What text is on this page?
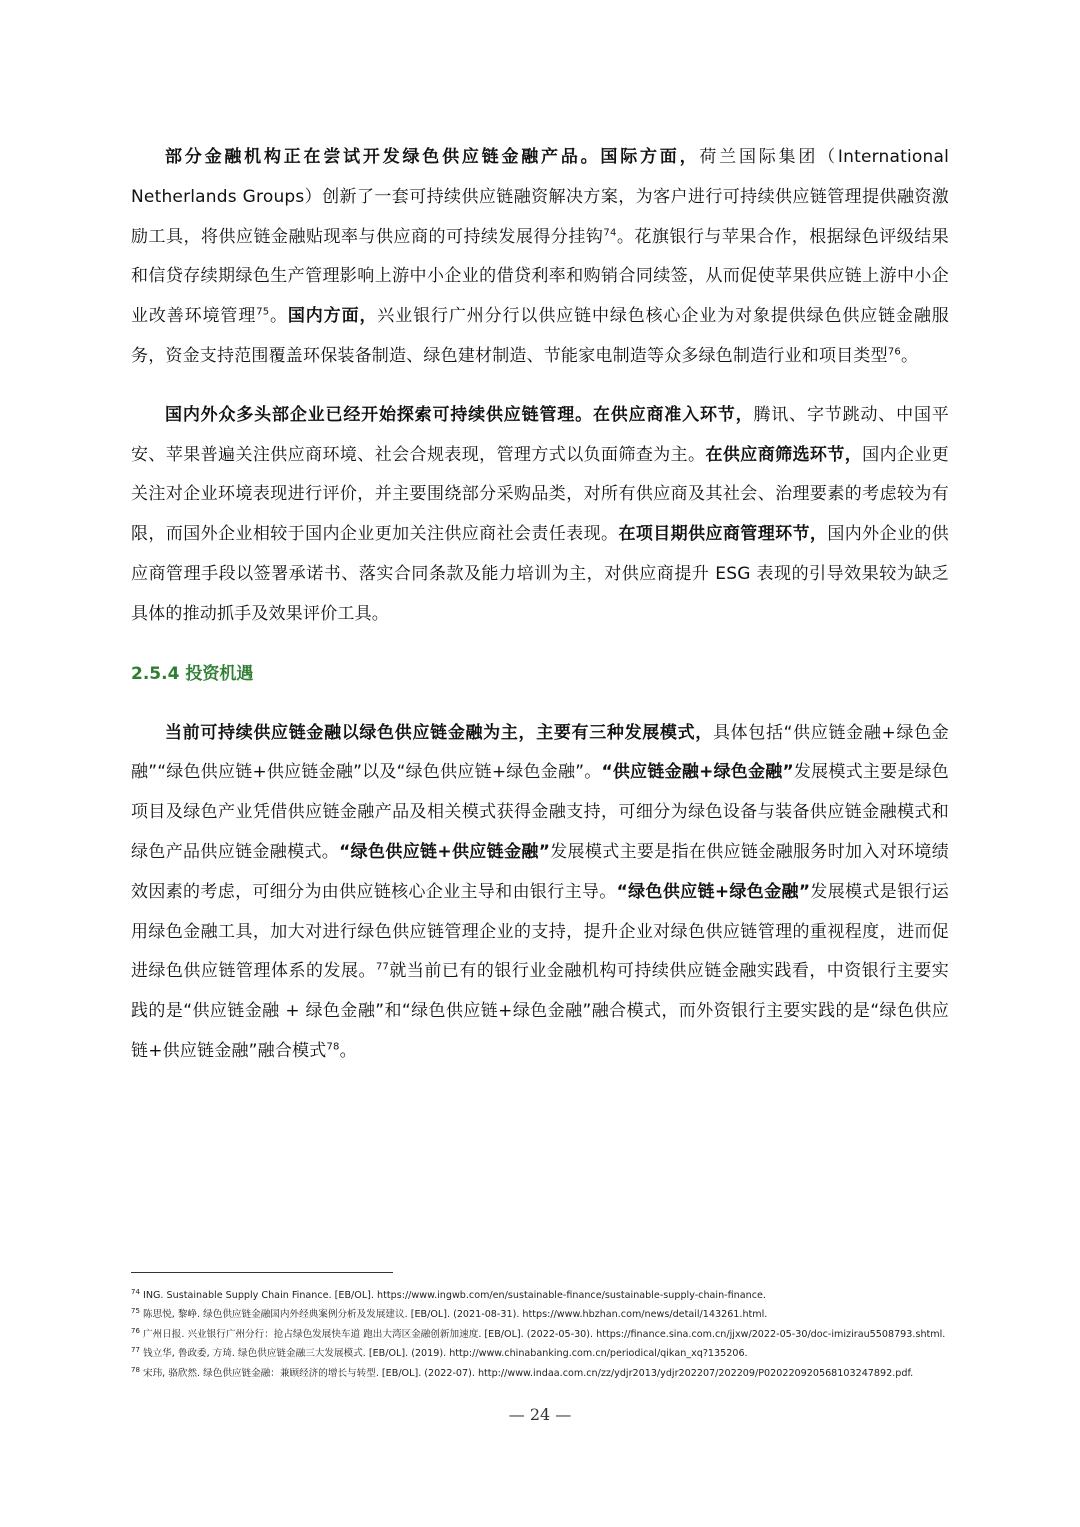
部分金融机构正在尝试开发绿色供应链金融产品。国际方面，荷兰国际集团（International Netherlands Groups）创新了一套可持续供应链融资解决方案，为客户进行可持续供应链管理提供融资激励工具，将供应链金融贴现率与供应商的可持续发展得分挂钩$^{74}$。花旗银行与苹果合作，根据绿色评级结果和信贷存续期绿色生产管理影响上游中小企业的借贷利率和购销合同续签，从而促使苹果供应链上游中小企业改善环境管理$^{75}$。国内方面，兴业银行广州分行以供应链中绿色核心企业为对象提供绿色供应链金融服务，资金支持范围覆盖环保装备制造、绿色建材制造、节能家电制造等众多绿色制造行业和项目类型$^{76}$。

国内外众多头部企业已经开始探索可持续供应链管理。在供应商准入环节，腾讯、字节跳动、中国平安、苹果普遍关注供应商环境、社会合规表现，管理方式以负面筛查为主。在供应商筛选环节，国内企业更关注对企业环境表现进行评价，并主要围绕部分采购品类，对所有供应商及其社会、治理要素的考虑较为有限，而国外企业相较于国内企业更加关注供应商社会责任表现。在项目期供应商管理环节，国内外企业的供应商管理手段以签署承诺书、落实合同条款及能力培训为主，对供应商提升 ESG 表现的引导效果较为缺乏具体的推动抓手及效果评价工具。

2.5.4 投资机遇

当前可持续供应链金融以绿色供应链金融为主，主要有三种发展模式，具体包括“供应链金融+绿色金融”“绿色供应链+供应链金融”以及“绿色供应链+绿色金融”。“供应链金融+绿色金融”发展模式主要是绿色项目及绿色产业凭借供应链金融产品及相关模式获得金融支持，可细分为绿色设备与装备供应链金融模式和绿色产品供应链金融模式。“绿色供应链+供应链金融”发展模式主要是指在供应链金融服务时加入对环境绩效因素的考虑，可细分为由供应链核心企业主导和由银行主导。“绿色供应链+绿色金融”发展模式是银行运用绿色金融工具，加大对进行绿色供应链管理企业的支持，提升企业对绿色供应链管理的重视程度，进而促进绿色供应链管理体系的发展。$^{77}$就当前已有的银行业金融机构可持续供应链金融实践看，中资银行主要实践的是“供应链金融 + 绿色金融”和“绿色供应链+绿色金融”融合模式，而外资银行主要实践的是“绿色供应链+供应链金融”融合模式$^{78}$。

$^{74}$ ING. Sustainable Supply Chain Finance. [EB/OL]. https://www.ingwb.com/en/sustainable-finance/sustainable-supply-chain-finance.
$^{75}$ 陈思悦, 黎峥. 绿色供应链金融国内外经典案例分析及发展建议. [EB/OL]. (2021-08-31). https://www.hbzhan.com/news/detail/143261.html.
$^{76}$ 广州日报. 兴业银行广州分行：抢占绿色发展快车道 跑出大湾区金融创新加速度. [EB/OL]. (2022-05-30). https://finance.sina.com.cn/jjxw/2022-05-30/doc-imizirau5508793.shtml.
$^{77}$ 钱立华, 鲁政委, 方琦. 绿色供应链金融三大发展模式. [EB/OL]. (2019). http://www.chinabanking.com.cn/periodical/qikan_xq?135206.
$^{78}$ 宋玮, 骆欣然. 绿色供应链金融：兼顾经济的增长与转型. [EB/OL]. (2022-07). http://www.indaa.com.cn/zz/ydjr2013/ydjr202207/202209/P020220920568103247892.pdf.
— 24 —
